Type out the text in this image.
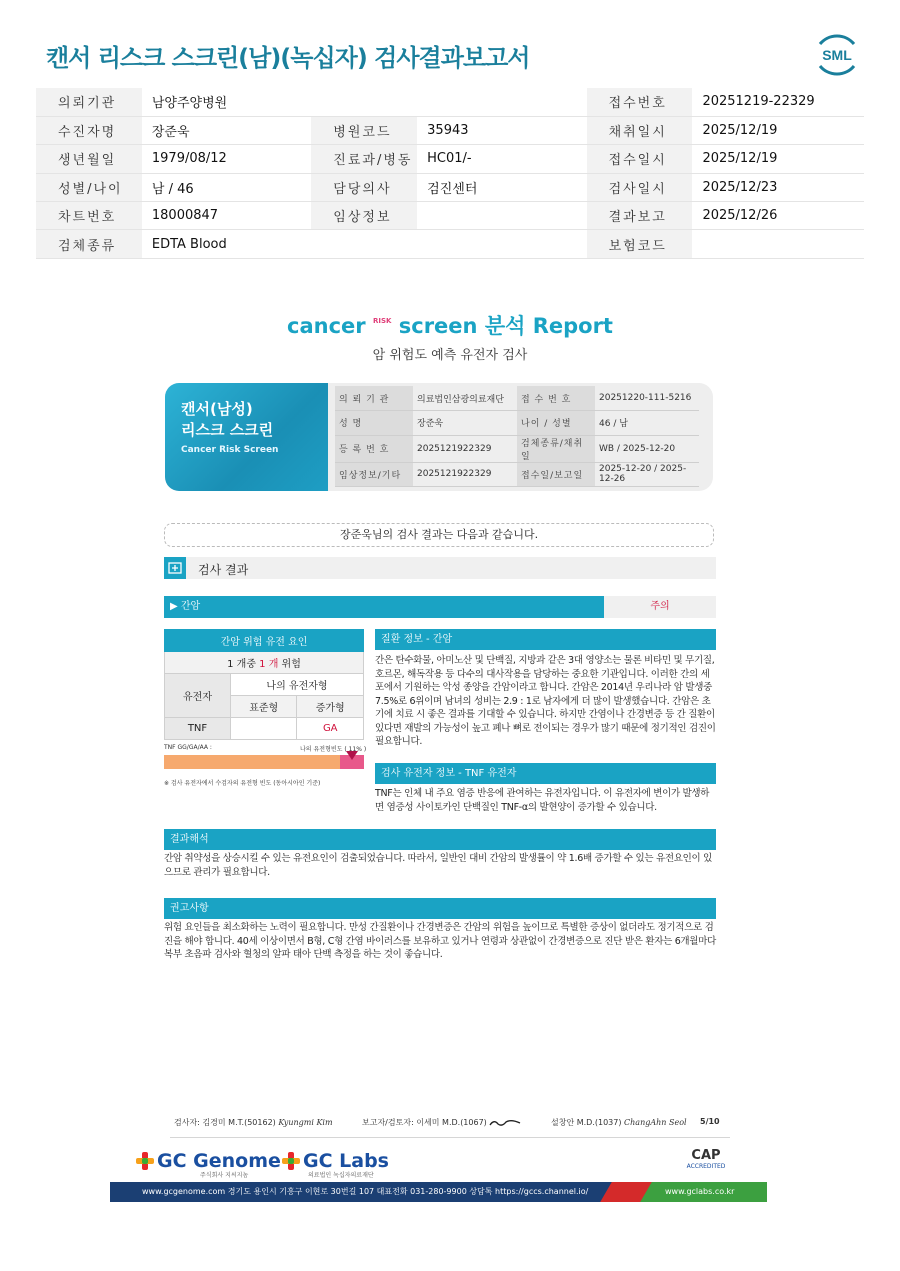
캔서 리스크 스크린(남)(녹십자) 검사결과보고서	SML
의뢰기관	남양주양병원			접수번호	20251219-22329
수진자명	장준욱	병원코드	35943	채취일시	2025/12/19
생년월일	1979/08/12	진료과/병동	HC01/-	접수일시	2025/12/19
성별/나이	남 / 46	담당의사	검진센터	검사일시	2025/12/23
차트번호	18000847	임상정보		결과보고	2025/12/26
검체종류	EDTA Blood			보험코드	
cancer $^{RISK}$ screen 분석 Report
암 위험도 예측 유전자 검사
캔서(남성)
리스크 스크린
Cancer Risk Screen
의 뢰 기 관	의료법인삼광의료재단	접 수 번 호	20251220-111-5216
성 명	장준욱	나이 / 성별	46 / 남
등 록 번 호	2025121922329	검체종류/채취일	WB / 2025-12-20
임상정보/기타	2025121922329	접수일/보고일	2025-12-20 / 2025-12-26
장준욱님의 검사 결과는 다음과 같습니다.
검사 결과
▶ 간암	주의
간암 위험 유전 요인		
1 개중 1 개 위험		
유전자	나의 유전자형	
	표준형	증가형
TNF		GA
TNF GG/GA/AA :	나의 유전형빈도 ( 11% )
※ 검사 유전자에서 수검자의 유전형 빈도 (동아시아인 기준)
질환 정보 - 간암
간은 탄수화물, 아미노산 및 단백질, 지방과 같은 3대 영양소는 물론 비타민 및 무기질, 호르몬, 해독작용 등 다수의 대사작용을 담당하는 중요한 기관입니다. 이러한 간의 세포에서 기원하는 악성 종양을 간암이라고 합니다. 간암은 2014년 우리나라 암 발생중 7.5%로 6위이며 남녀의 성비는 2.9 : 1로 남자에게 더 많이 발생했습니다. 간암은 초기에 치료 시 좋은 결과를 기대할 수 있습니다. 하지만 간염이나 간경변증 등 간 질환이 있다면 재발의 가능성이 높고 폐나 뼈로 전이되는 경우가 많기 때문에 정기적인 검진이 필요합니다.
검사 유전자 정보 - TNF 유전자
TNF는 인체 내 주요 염증 반응에 관여하는 유전자입니다. 이 유전자에 변이가 발생하면 염증성 사이토카인 단백질인 TNF-α의 발현양이 증가할 수 있습니다.
결과해석
간암 취약성을 상승시킬 수 있는 유전요인이 검출되었습니다. 따라서, 일반인 대비 간암의 발생률이 약 1.6배 증가할 수 있는 유전요인이 있으므로 관리가 필요합니다.
권고사항
위험 요인들을 최소화하는 노력이 필요합니다. 만성 간질환이나 간경변증은 간암의 위험을 높이므로 특별한 증상이 없더라도 정기적으로 검진을 해야 합니다. 40세 이상이면서 B형, C형 간염 바이러스를 보유하고 있거나 연령과 상관없이 간경변증으로 진단 받은 환자는 6개월마다 복부 초음파 검사와 혈청의 알파 태아 단백 측정을 하는 것이 좋습니다.
검사자: 김경미 M.T.(50162) Kyungmi Kim	보고자/검토자: 이세미 M.D.(1067)	설창안 M.D.(1037) ChangAhn Seol 5/10
GC Genome
주식회사 지씨지놈
GC Labs
의료법인 녹십자의료재단
CAP
ACCREDITED
www.gcgenome.com 경기도 용인시 기흥구 이현로 30번길 107 대표전화 031-280-9900 상담톡 https://gccs.channel.io/	www.gclabs.co.kr
